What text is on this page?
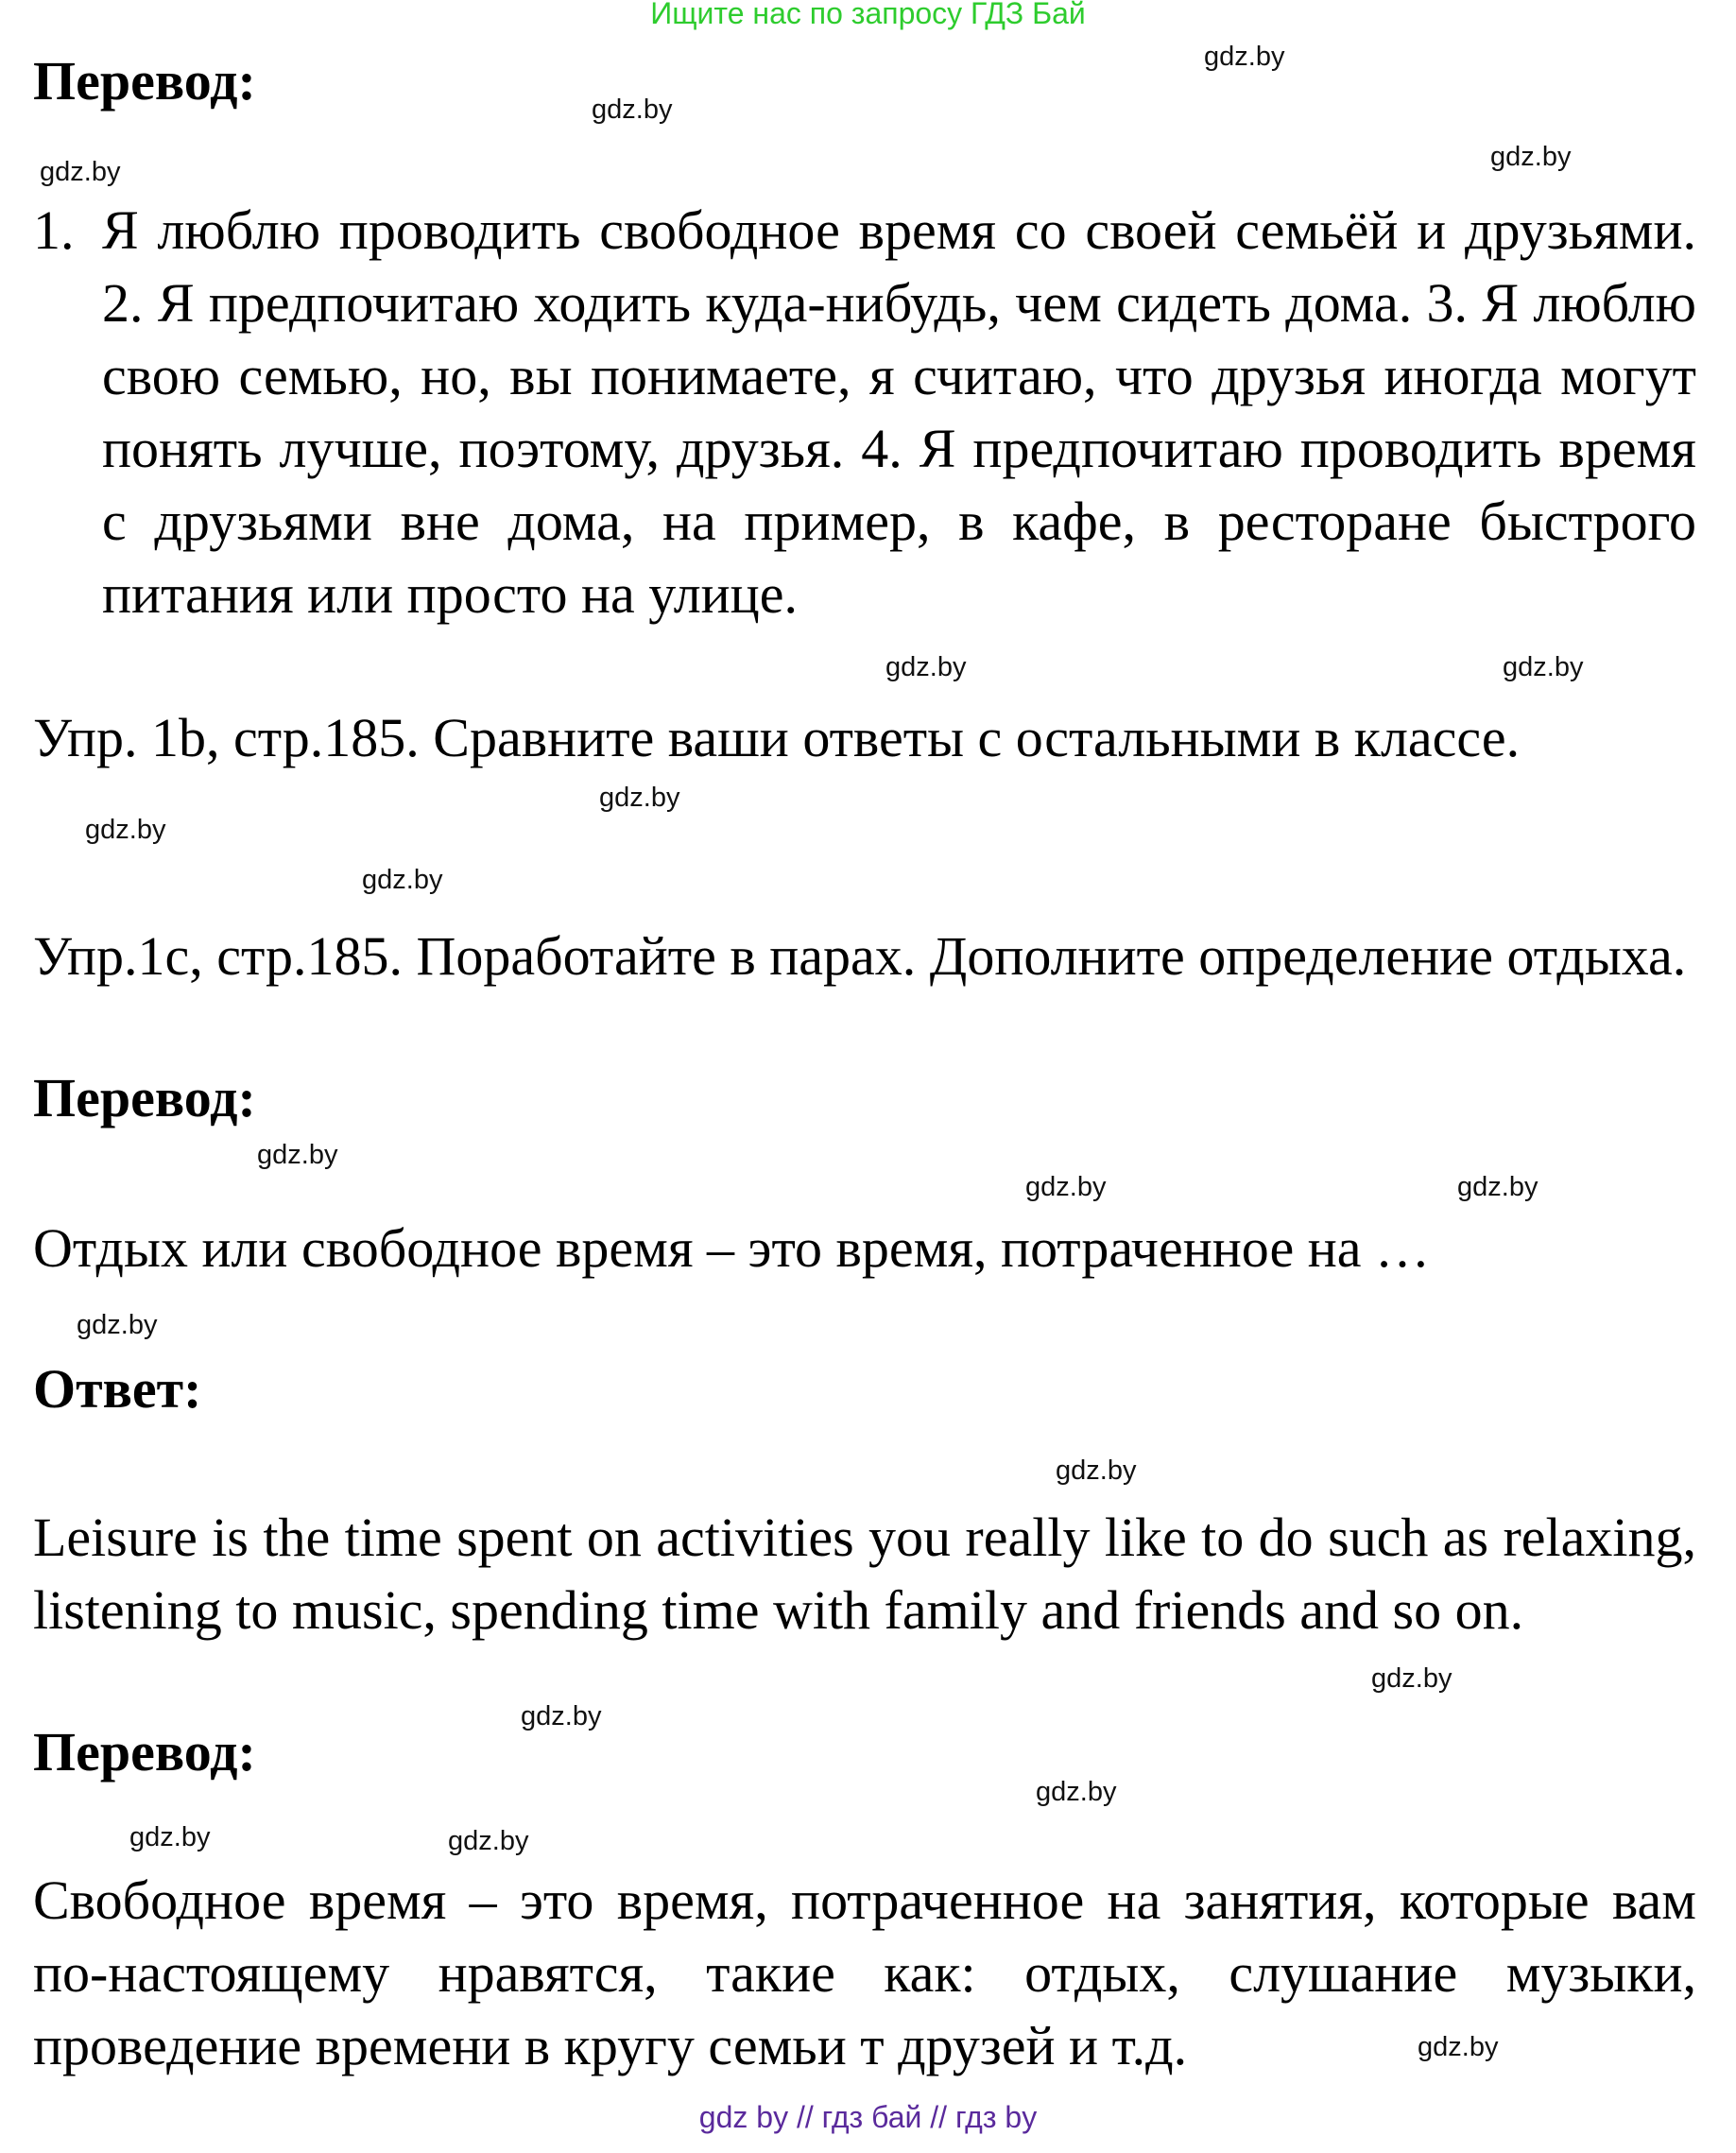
Ищите нас по запросу ГДЗ Бай
Перевод:
1. Я люблю проводить свободное время со своей семьёй и друзьями. 2. Я предпочитаю ходить куда-нибудь, чем сидеть дома. 3. Я люблю свою семью, но, вы понимаете, я считаю, что друзья иногда могут понять лучше, поэтому, друзья. 4. Я предпочитаю проводить время с друзьями вне дома, на пример, в кафе, в ресторане быстрого питания или просто на улице.
Упр. 1b, стр.185. Сравните ваши ответы с остальными в классе.
Упр.1с, стр.185. Поработайте в парах. Дополните определение отдыха.
Перевод:
Отдых или свободное время – это время, потраченное на …
Ответ:
Leisure is the time spent on activities you really like to do such as relaxing, listening to music, spending time with family and friends and so on.
Перевод:
Свободное время – это время, потраченное на занятия, которые вам по-настоящему нравятся, такие как: отдых, слушание музыки, проведение времени в кругу семьи т друзей и т.д.
gdz.by
gdz.by
gdz.by	gdz.by
gdz.by	gdz.by
gdz.by
gdz.by
gdz.by
gdz.by
gdz.by	gdz.by
gdz.by
gdz.by
gdz.by
gdz.by
gdz.by
gdz.by	gdz.by
gdz.by
gdz by // гдз бай // гдз by
